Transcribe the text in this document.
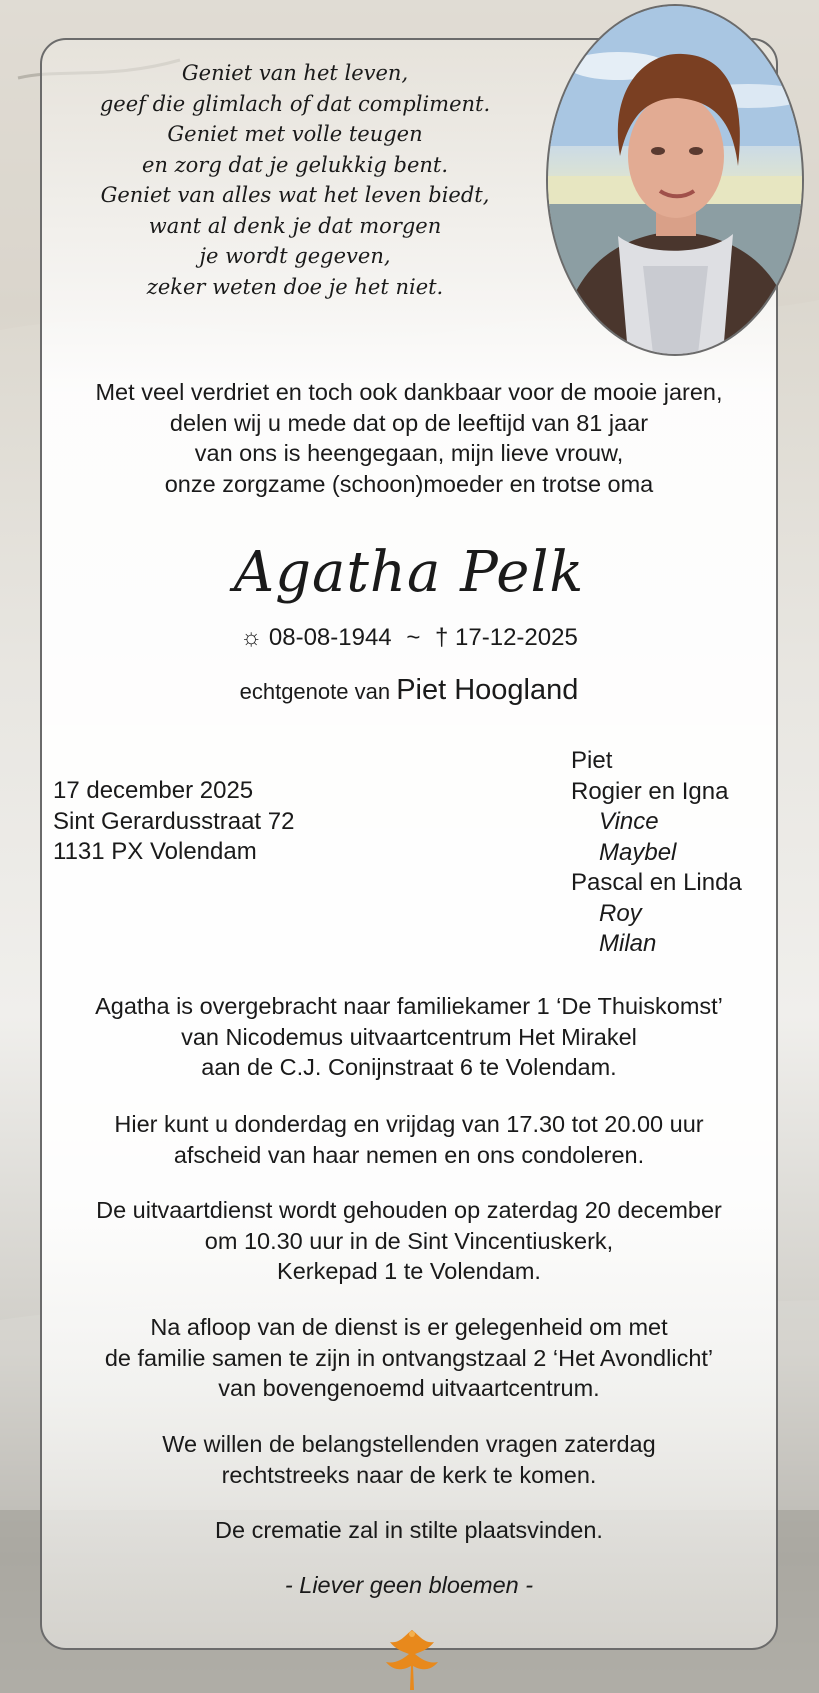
Geniet van het leven,
geef die glimlach of dat compliment.
Geniet met volle teugen
en zorg dat je gelukkig bent.
Geniet van alles wat het leven biedt,
want al denk je dat morgen
je wordt gegeven,
zeker weten doe je het niet.
Met veel verdriet en toch ook dankbaar voor de mooie jaren,
delen wij u mede dat op de leeftijd van 81 jaar
van ons is heengegaan, mijn lieve vrouw,
onze zorgzame (schoon)moeder en trotse oma
Agatha Pelk
☼ 08-08-1944 ~ † 17-12-2025
echtgenote van Piet Hoogland
17 december 2025
Sint Gerardusstraat 72
1131 PX Volendam
Piet
Rogier en Igna
Vince
Maybel
Pascal en Linda
Roy
Milan
Agatha is overgebracht naar familiekamer 1 ‘De Thuiskomst’
van Nicodemus uitvaartcentrum Het Mirakel
aan de C.J. Conijnstraat 6 te Volendam.
Hier kunt u donderdag en vrijdag van 17.30 tot 20.00 uur
afscheid van haar nemen en ons condoleren.
De uitvaartdienst wordt gehouden op zaterdag 20 december
om 10.30 uur in de Sint Vincentiuskerk,
Kerkepad 1 te Volendam.
Na afloop van de dienst is er gelegenheid om met
de familie samen te zijn in ontvangstzaal 2 ‘Het Avondlicht’
van bovengenoemd uitvaartcentrum.
We willen de belangstellenden vragen zaterdag
rechtstreeks naar de kerk te komen.
De crematie zal in stilte plaatsvinden.
- Liever geen bloemen -
